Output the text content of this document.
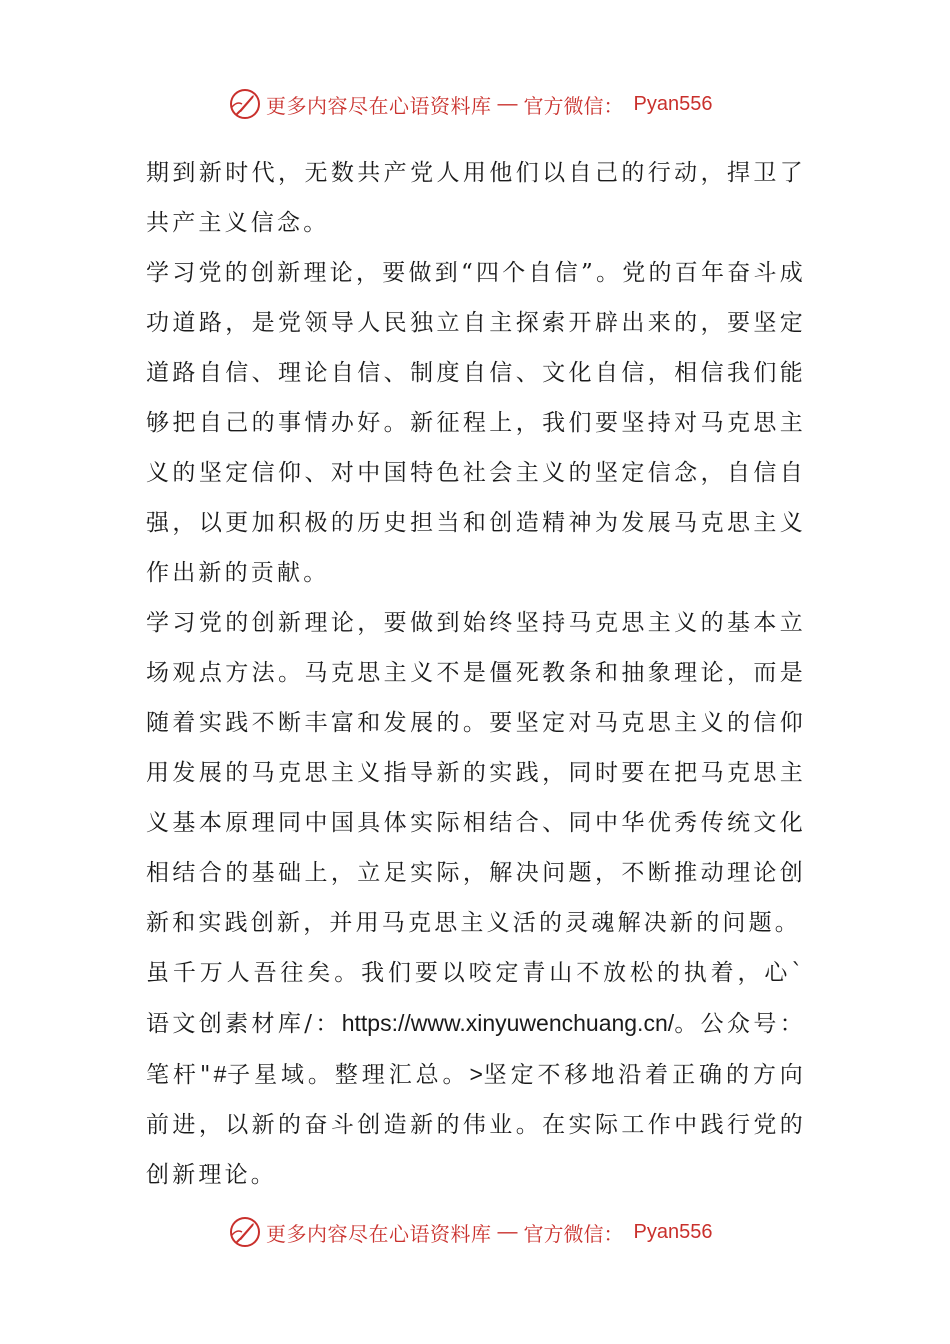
更多内容尽在心语资料库 — 官方微信： Pyan556

期到新时代，无数共产党人用他们以自己的行动，捍卫了共产主义信念。

学习党的创新理论，要做到“四个自信”。党的百年奋斗成功道路，是党领导人民独立自主探索开辟出来的，要坚定道路自信、理论自信、制度自信、文化自信，相信我们能够把自己的事情办好。新征程上，我们要坚持对马克思主义的坚定信仰、对中国特色社会主义的坚定信念，自信自强，以更加积极的历史担当和创造精神为发展马克思主义作出新的贡献。

学习党的创新理论，要做到始终坚持马克思主义的基本立场观点方法。马克思主义不是僵死教条和抽象理论，而是随着实践不断丰富和发展的。要坚定对马克思主义的信仰用发展的马克思主义指导新的实践，同时要在把马克思主义基本原理同中国具体实际相结合、同中华优秀传统文化相结合的基础上，立足实际，解决问题，不断推动理论创新和实践创新，并用马克思主义活的灵魂解决新的问题。

虽千万人吾往矣。我们要以咬定青山不放松的执着，心`语文创素材库/：https://www.xinyuwenchuang.cn/。公众号：笔杆"#子星域。整理汇总。>坚定不移地沿着正确的方向前进，以新的奋斗创造新的伟业。在实际工作中践行党的创新理论。

更多内容尽在心语资料库 — 官方微信： Pyan556
